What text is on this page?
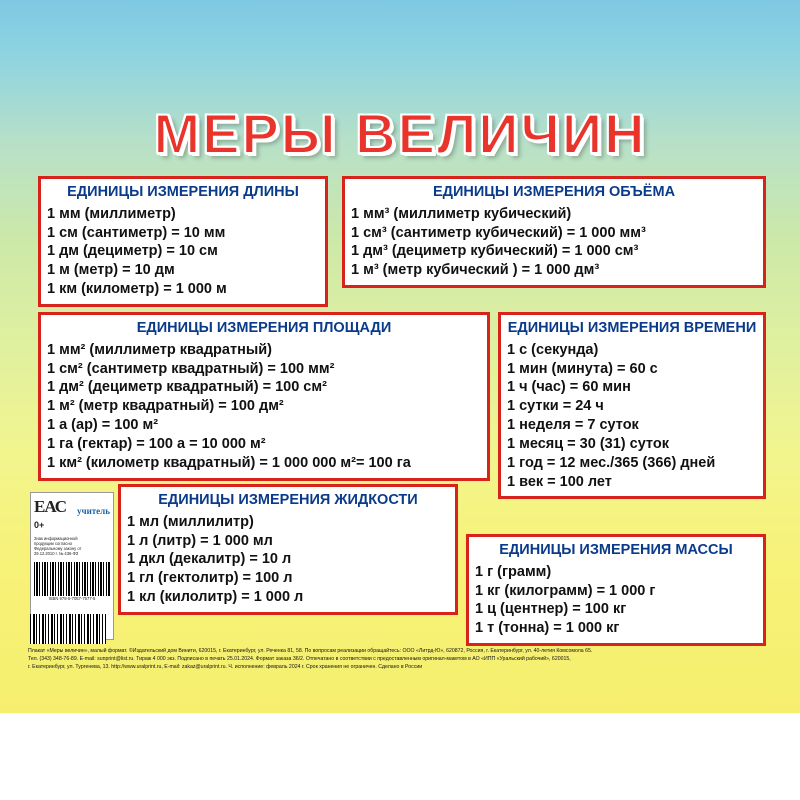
МЕРЫ ВЕЛИЧИН
ЕДИНИЦЫ ИЗМЕРЕНИЯ ДЛИНЫ
1 мм (миллиметр)
1 см (сантиметр) = 10 мм
1 дм (дециметр) = 10 см
1 м (метр) = 10 дм
1 км (километр) = 1 000 м
ЕДИНИЦЫ ИЗМЕРЕНИЯ ОБЪЁМА
1 мм³ (миллиметр кубический)
1 см³ (сантиметр кубический) = 1 000 мм³
1 дм³ (дециметр кубический) = 1 000 см³
1 м³ (метр кубический ) = 1 000 дм³
ЕДИНИЦЫ ИЗМЕРЕНИЯ ПЛОЩАДИ
1 мм² (миллиметр квадратный)
1 см² (сантиметр квадратный) = 100 мм²
1 дм² (дециметр квадратный) = 100 см²
1 м² (метр квадратный) = 100 дм²
1 а (ар) = 100 м²
1 га (гектар) = 100 а = 10 000 м²
1 км² (километр квадратный) = 1 000 000 м²= 100 га
ЕДИНИЦЫ ИЗМЕРЕНИЯ ВРЕМЕНИ
1 с (секунда)
1 мин (минута) = 60 с
1 ч (час) = 60 мин
1 сутки = 24 ч
1 неделя = 7 суток
1 месяц = 30 (31) суток
1 год = 12 мес./365 (366) дней
1 век = 100 лет
ЕДИНИЦЫ ИЗМЕРЕНИЯ ЖИДКОСТИ
1 мл (миллилитр)
1 л (литр) = 1 000 мл
1 дкл (декалитр) = 10 л
1 гл (гектолитр) = 100 л
1 кл (килолитр) = 1 000 л
ЕДИНИЦЫ ИЗМЕРЕНИЯ МАССЫ
1 г (грамм)
1 кг (килограмм) = 1 000 г
1 ц (центнер) = 100 кг
1 т (тонна) = 1 000 кг
ЕАС учитель
0+
Знак информационной
продукции согласно
Федеральному закону от
29.12.2010 г. № 436-ФЗ
ISBN 978-5-7057-7577-5
Плакат «Меры величин», малый формат. ©Издательский дом Винити, 620015, г. Екатеринбург, ул. Реченка 81, 58. По вопросам реализации обращайтесь: ООО «Литрд-Ю», 620872, Россия, г. Екатеринбург, ул. 40-летия Комсомола 65.
Тел. (343) 348-76-89. E-mail: sunprint@list.ru. Тираж 4 000 экз. Подписано в печать 25.01.2024. Формат заказа 36/2. Отпечатано в соответствии с предоставленным оригинал-макетом в АО «ИПП «Уральский рабочий», 620015,
г. Екатеринбург, ул. Тургенева, 13. http://www.uralprint.ru, E-mail: zakaz@uralprint.ru. Ч. исполнение: февраль 2024 г. Срок хранения не ограничен. Сделано в России
